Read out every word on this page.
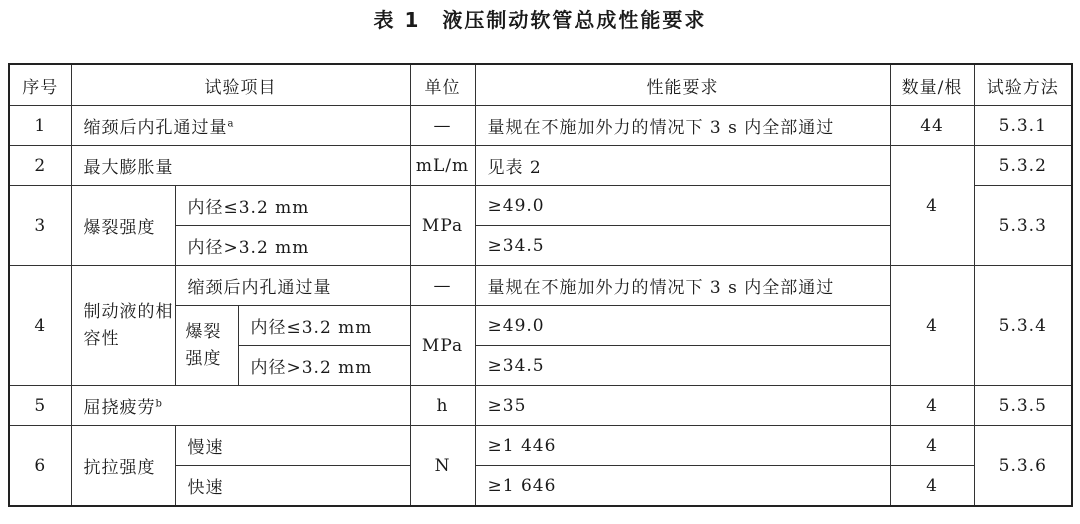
表 1　液压制动软管总成性能要求
序号	试验项目			单位	性能要求	数量/根	试验方法
1	缩颈后内孔通过量$^a$			—	量规在不施加外力的情况下 3 s 内全部通过	44	5.3.1
2	最大膨胀量			mL/m	见表 2	4	5.3.2
3	爆裂强度	内径≤3.2 mm		MPa	≥49.0		5.3.3
		内径>3.2 mm			≥34.5		
4	制动液的相容性	缩颈后内孔通过量		—	量规在不施加外力的情况下 3 s 内全部通过	4	5.3.4
		爆裂强度	内径≤3.2 mm	MPa	≥49.0		
			内径>3.2 mm		≥34.5		
5	屈挠疲劳$^b$			h	≥35	4	5.3.5
6	抗拉强度	慢速		N	≥1 446	4	5.3.6
		快速			≥1 646	4	
